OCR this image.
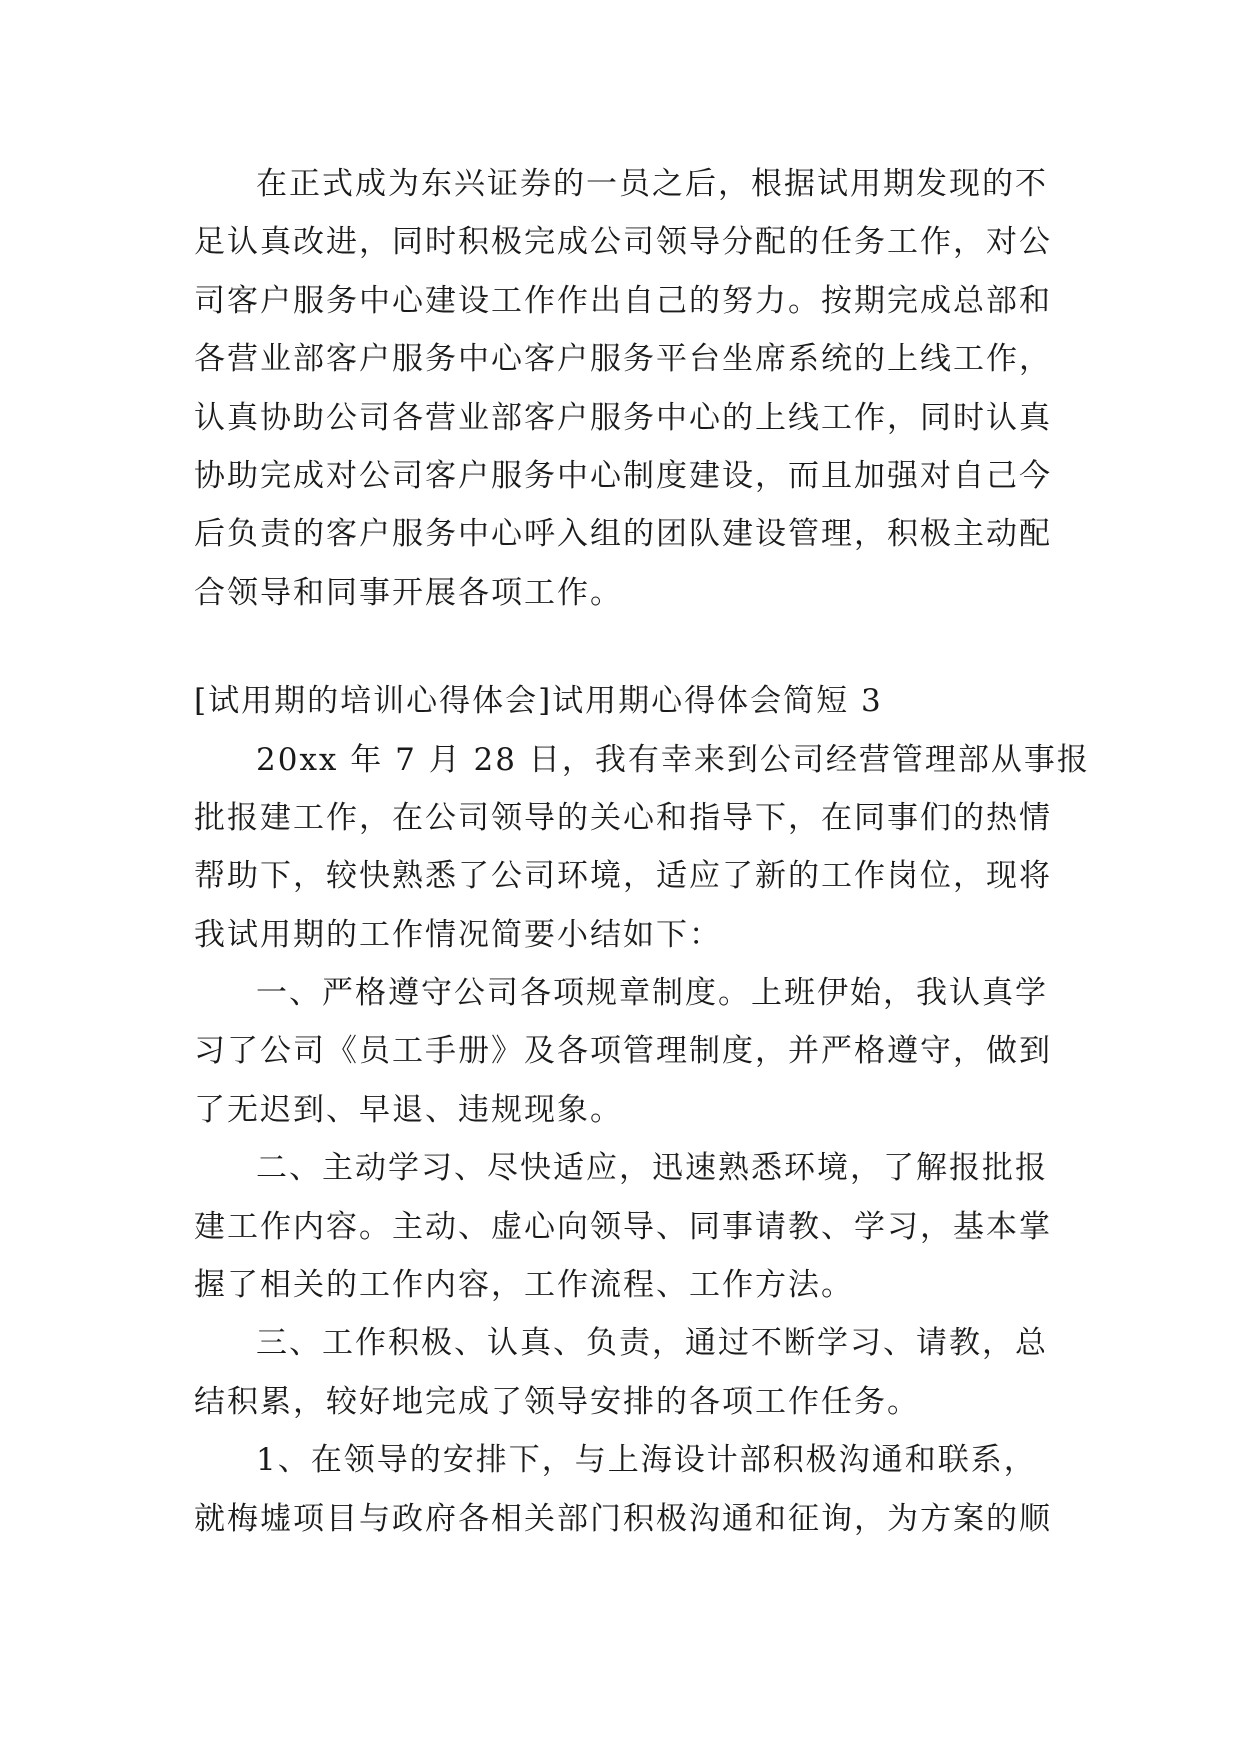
在正式成为东兴证券的一员之后，根据试用期发现的不
足认真改进，同时积极完成公司领导分配的任务工作，对公
司客户服务中心建设工作作出自己的努力。按期完成总部和
各营业部客户服务中心客户服务平台坐席系统的上线工作，
认真协助公司各营业部客户服务中心的上线工作，同时认真
协助完成对公司客户服务中心制度建设，而且加强对自己今
后负责的客户服务中心呼入组的团队建设管理，积极主动配
合领导和同事开展各项工作。
[试用期的培训心得体会]试用期心得体会简短 3
20xx 年 7 月 28 日，我有幸来到公司经营管理部从事报
批报建工作，在公司领导的关心和指导下，在同事们的热情
帮助下，较快熟悉了公司环境，适应了新的工作岗位，现将
我试用期的工作情况简要小结如下：
一、严格遵守公司各项规章制度。上班伊始，我认真学
习了公司《员工手册》及各项管理制度，并严格遵守，做到
了无迟到、早退、违规现象。
二、主动学习、尽快适应，迅速熟悉环境，了解报批报
建工作内容。主动、虚心向领导、同事请教、学习，基本掌
握了相关的工作内容，工作流程、工作方法。
三、工作积极、认真、负责，通过不断学习、请教，总
结积累，较好地完成了领导安排的各项工作任务。
1、在领导的安排下，与上海设计部积极沟通和联系，
就梅墟项目与政府各相关部门积极沟通和征询，为方案的顺
